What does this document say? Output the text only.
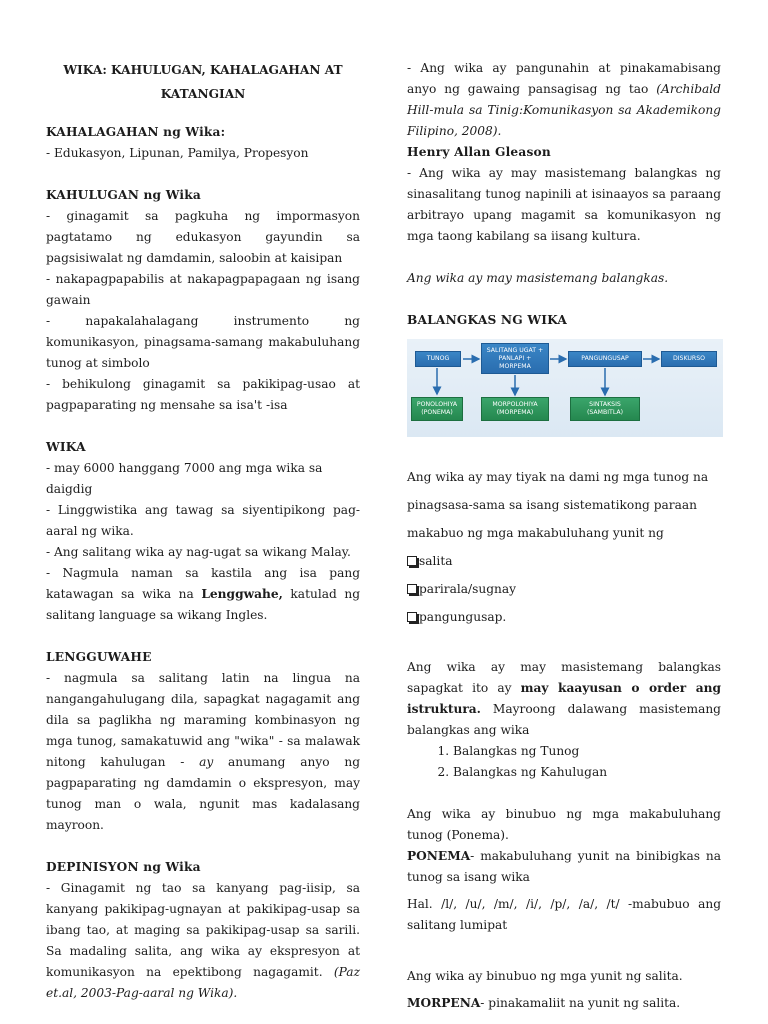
WIKA: KAHULUGAN, KAHALAGAHAN AT KATANGIAN

KAHALAGAHAN ng Wika:

- Edukasyon, Lipunan, Pamilya, Propesyon

KAHULUGAN ng Wika

- ginagamit sa pagkuha ng impormasyon pagtatamo ng edukasyon gayundin sa pagsisiwalat ng damdamin, saloobin at kaisipan

- nakapagpapabilis at nakapagpapagaan ng isang gawain

- napakalahalagang instrumento ng komunikasyon, pinagsama-samang makabuluhang tunog at simbolo

- behikulong ginagamit sa pakikipag-usao at pagpaparating ng mensahe sa isa't -isa

WIKA

- may 6000 hanggang 7000 ang mga wika sa daigdig

- Linggwistika ang tawag sa siyentipikong pag-aaral ng wika.

- Ang salitang wika ay nag-ugat sa wikang Malay.

- Nagmula naman sa kastila ang isa pang katawagan sa wika na Lenggwahe, katulad ng salitang language sa wikang Ingles.

LENGGUWAHE

- nagmula sa salitang latin na lingua na nangangahulugang dila, sapagkat nagagamit ang dila sa paglikha ng maraming kombinasyon ng mga tunog, samakatuwid ang "wika" - sa malawak nitong kahulugan - ay anumang anyo ng pagpaparating ng damdamin o ekspresyon, may tunog man o wala, ngunit mas kadalasang mayroon.

DEPINISYON ng Wika

- Ginagamit ng tao sa kanyang pag-iisip, sa kanyang pakikipag-ugnayan at pakikipag-usap sa ibang tao, at maging sa pakikipag-usap sa sarili. Sa madaling salita, ang wika ay ekspresyon at komunikasyon na epektibong nagagamit. (Paz et.al, 2003-Pag-aaral ng Wika).

- Ang wika ay pangunahin at pinakamabisang anyo ng gawaing pansagisag ng tao (Archibald Hill-mula sa Tinig:Komunikasyon sa Akademikong Filipino, 2008).

Henry Allan Gleason

- Ang wika ay may masistemang balangkas ng sinasalitang tunog napinili at isinaayos sa paraang arbitrayo upang magamit sa komunikasyon ng mga taong kabilang sa iisang kultura.

Ang wika ay may masistemang balangkas.

BALANGKAS NG WIKA

TUNOG
SALITANG UGAT + PANLAPI + MORPEMA
PANGUNGUSAP	DISKURSO
PONOLOHIYA (PONEMA)
MORPOLOHIYA (MORPEMA)
SINTAKSIS (SAMBITLA)

Ang wika ay may tiyak na dami ng mga tunog na

pinagsasa-sama sa isang sistematikong paraan

makabuo ng mga makabuluhang yunit ng

salita

parirala/sugnay

pangungusap.

Ang wika ay may masistemang balangkas sapagkat ito ay may kaayusan o order ang istruktura. Mayroong dalawang masistemang balangkas ang wika

1. Balangkas ng Tunog
2. Balangkas ng Kahulugan

Ang wika ay binubuo ng mga makabuluhang tunog (Ponema).

PONEMA- makabuluhang yunit na binibigkas na tunog sa isang wika

Hal. /l/, /u/, /m/, /i/, /p/, /a/, /t/ -mabubuo ang salitang lumipat

Ang wika ay binubuo ng mga yunit ng salita.

MORPENA- pinakamaliit na yunit ng salita.
